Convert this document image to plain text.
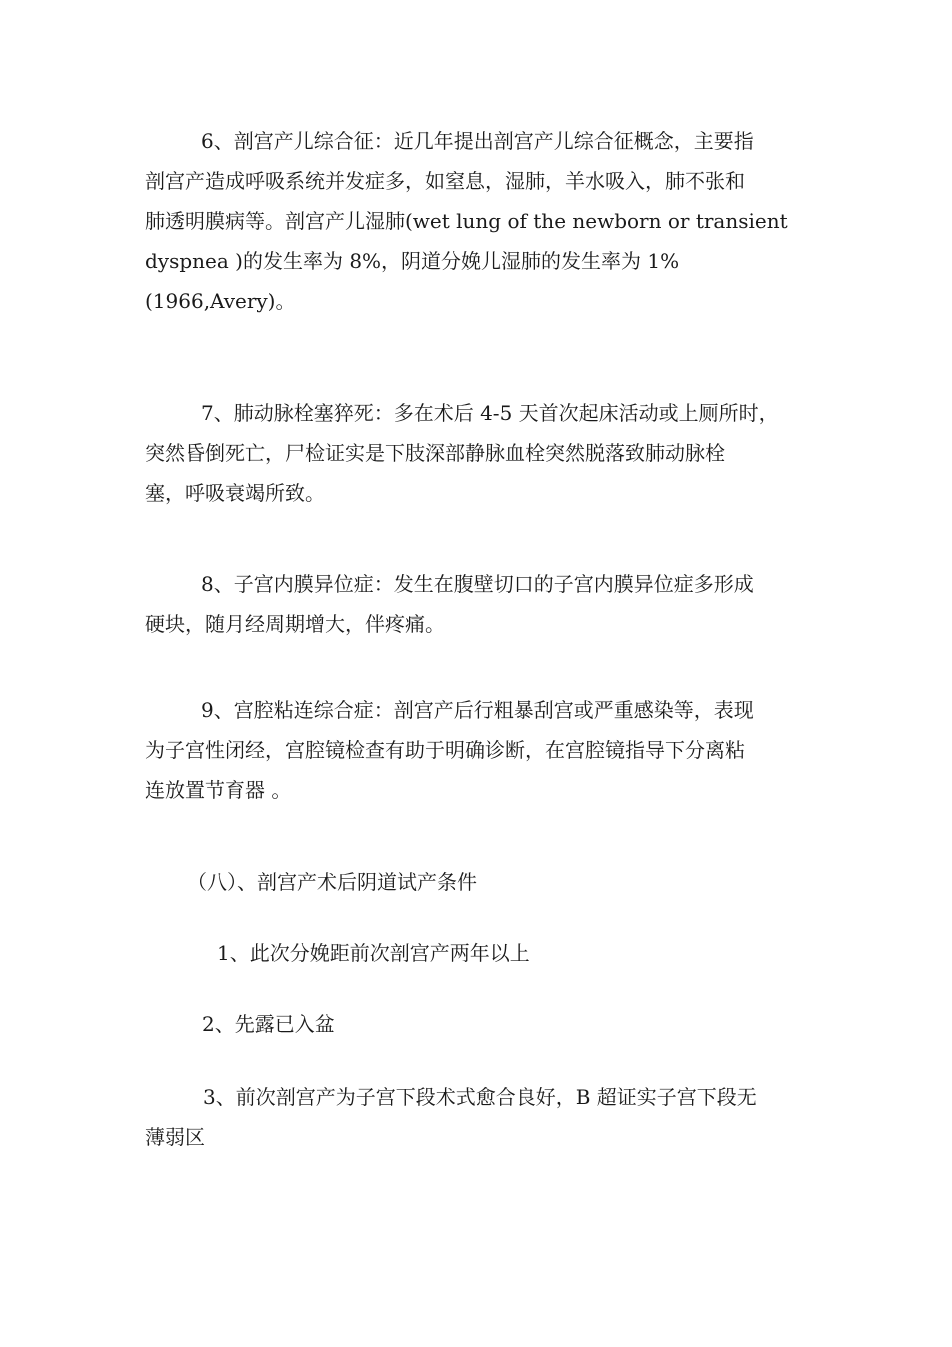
6、剖宫产儿综合征：近几年提出剖宫产儿综合征概念，主要指
剖宫产造成呼吸系统并发症多，如窒息，湿肺，羊水吸入，肺不张和
肺透明膜病等。剖宫产儿湿肺(wet lung of the newborn or transient
dyspnea )的发生率为 8%，阴道分娩儿湿肺的发生率为 1%
(1966,Avery)。
7、肺动脉栓塞猝死：多在术后 4-5 天首次起床活动或上厕所时，
突然昏倒死亡，尸检证实是下肢深部静脉血栓突然脱落致肺动脉栓
塞，呼吸衰竭所致。
8、子宫内膜异位症：发生在腹壁切口的子宫内膜异位症多形成
硬块，随月经周期增大，伴疼痛。
9、宫腔粘连综合症：剖宫产后行粗暴刮宫或严重感染等，表现
为子宫性闭经，宫腔镜检查有助于明确诊断，在宫腔镜指导下分离粘
连放置节育器 。
（八）、剖宫产术后阴道试产条件
1、此次分娩距前次剖宫产两年以上
2、先露已入盆
3、前次剖宫产为子宫下段术式愈合良好，B 超证实子宫下段无
薄弱区
